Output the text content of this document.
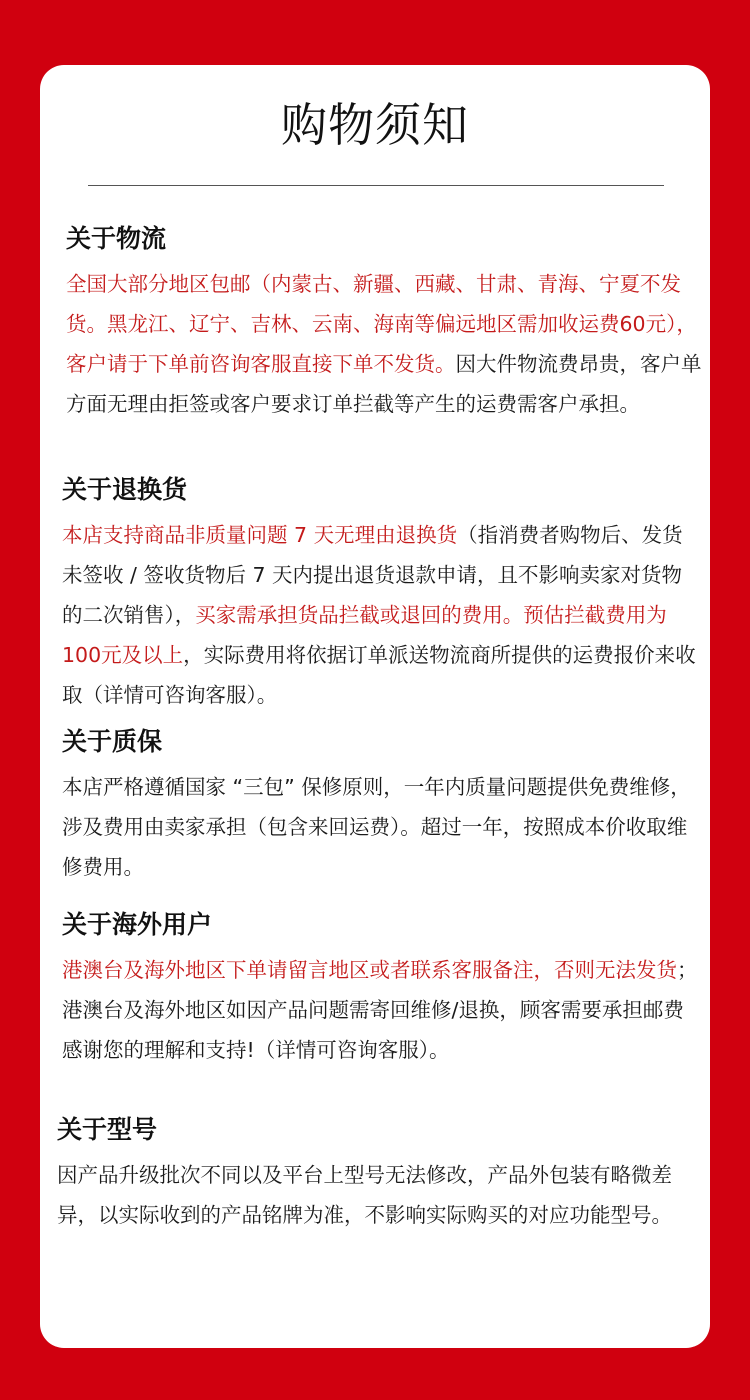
购物须知
关于物流
全国大部分地区包邮（内蒙古、新疆、西藏、甘肃、青海、宁夏不发货。黑龙江、辽宁、吉林、云南、海南等偏远地区需加收运费60元），客户请于下单前咨询客服直接下单不发货。因大件物流费昂贵，客户单方面无理由拒签或客户要求订单拦截等产生的运费需客户承担。
关于退换货
本店支持商品非质量问题 7 天无理由退换货（指消费者购物后、发货未签收 / 签收货物后 7 天内提出退货退款申请，且不影响卖家对货物的二次销售），买家需承担货品拦截或退回的费用。预估拦截费用为 100元及以上，实际费用将依据订单派送物流商所提供的运费报价来收取（详情可咨询客服）。
关于质保
本店严格遵循国家 “三包” 保修原则，一年内质量问题提供免费维修，涉及费用由卖家承担（包含来回运费）。超过一年，按照成本价收取维修费用。
关于海外用户
港澳台及海外地区下单请留言地区或者联系客服备注，否则无法发货；港澳台及海外地区如因产品问题需寄回维修/退换，顾客需要承担邮费感谢您的理解和支持!（详情可咨询客服）。
关于型号
因产品升级批次不同以及平台上型号无法修改，产品外包装有略微差异，以实际收到的产品铭牌为准，不影响实际购买的对应功能型号。
